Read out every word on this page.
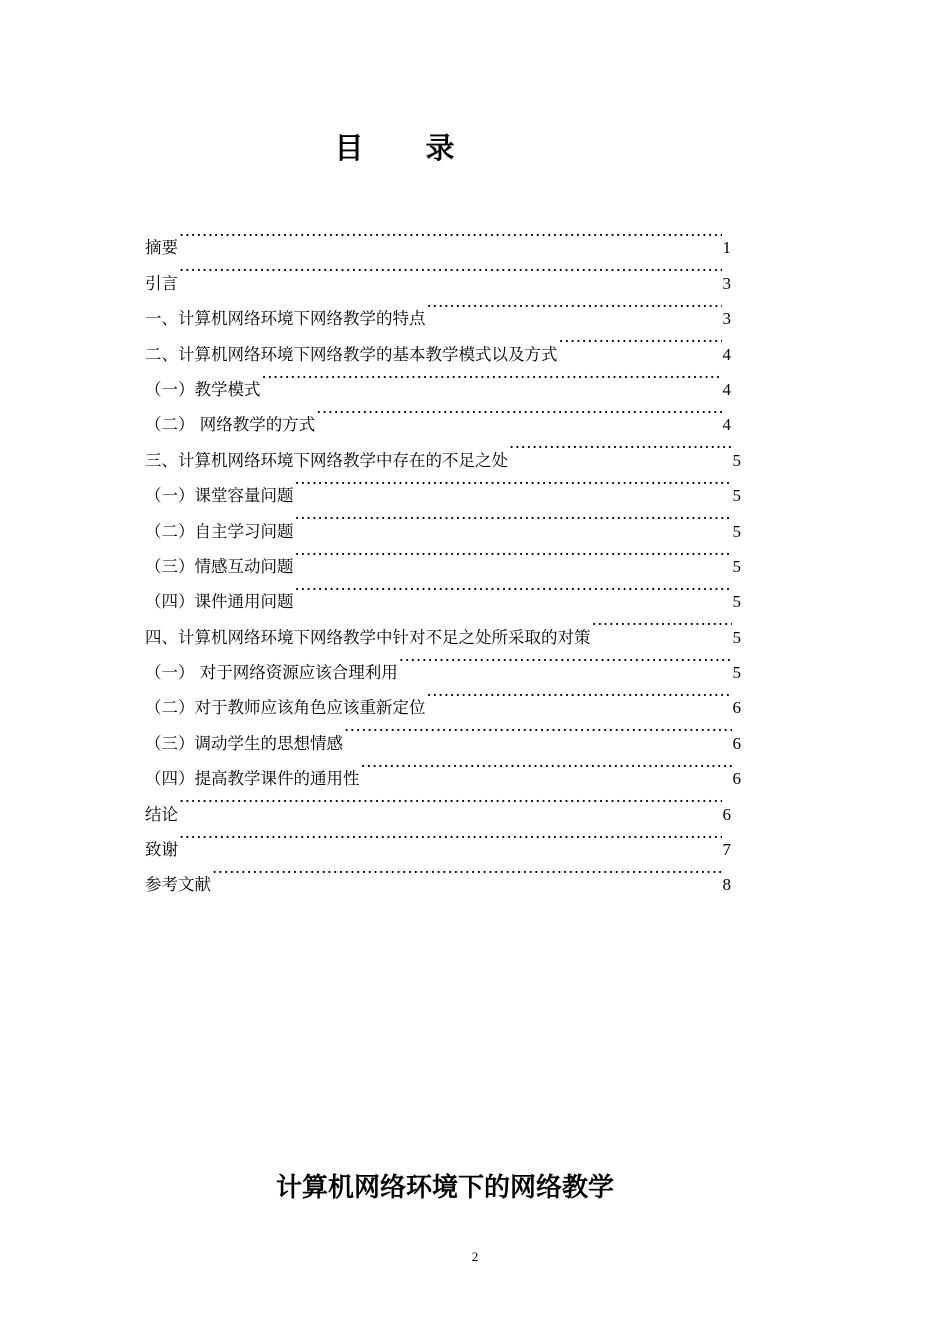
目 录
摘要 ·····	1
引言 ·····	3
一、计算机网络环境下网络教学的特点 ·····	3
二、计算机网络环境下网络教学的基本教学模式以及方式 ·····	4
（一）教学模式 ·····	4
（二） 网络教学的方式 ·····	4
三、计算机网络环境下网络教学中存在的不足之处 ·····	5
（一）课堂容量问题 ·····	5
（二）自主学习问题 ·····	5
（三）情感互动问题 ·····	5
（四）课件通用问题 ·····	5
四、计算机网络环境下网络教学中针对不足之处所采取的对策 ·····	5
（一） 对于网络资源应该合理利用 ·····	5
（二）对于教师应该角色应该重新定位 ·····	6
（三）调动学生的思想情感 ·····	6
（四）提高教学课件的通用性 ·····	6
结论 ·····	6
致谢 ·····	7
参考文献 ·····	8
计算机网络环境下的网络教学
2
